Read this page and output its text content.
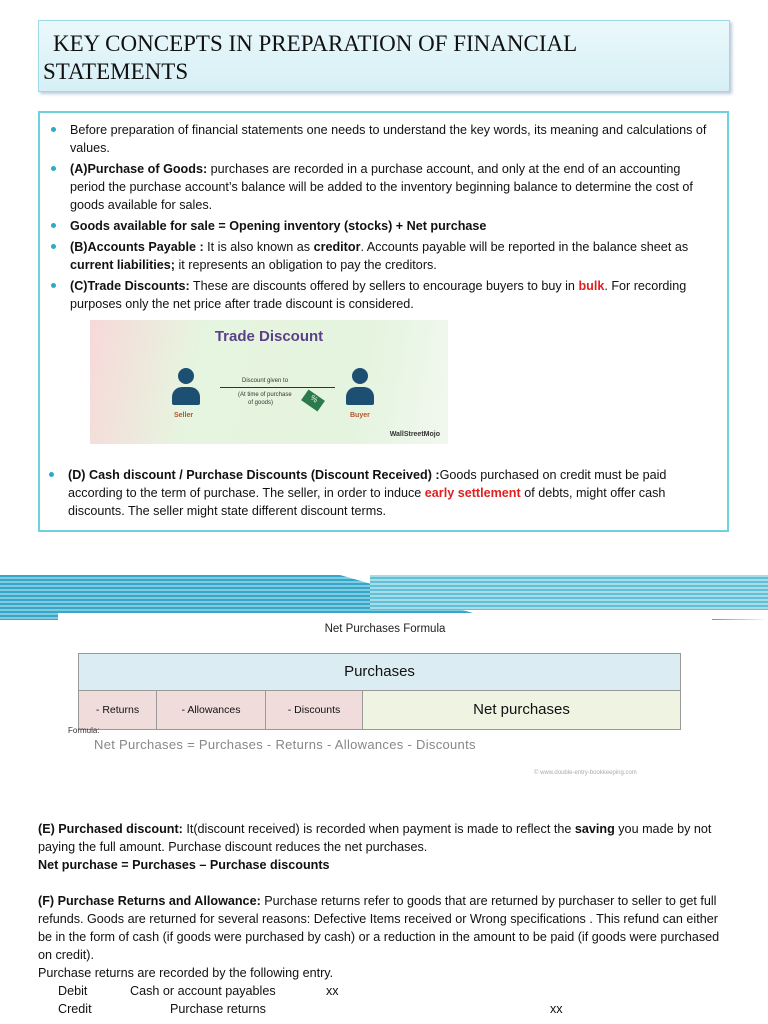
KEY CONCEPTS IN PREPARATION OF FINANCIAL STATEMENTS
Before preparation of financial statements one needs to understand the key words, its meaning and calculations of values.
(A)Purchase of Goods: purchases are recorded in a purchase account, and only at the end of an accounting period the purchase account’s balance will be added to the inventory beginning balance to determine the cost of goods available for sales.
Goods available for sale = Opening inventory (stocks) + Net purchase
(B)Accounts Payable : It is also known as creditor. Accounts payable will be reported in the balance sheet as current liabilities; it represents an obligation to pay the creditors.
(C)Trade Discounts: These are discounts offered by sellers to encourage buyers to buy in bulk. For recording purposes only the net price after trade discount is considered.
Trade Discount
Seller	Buyer
Discount given to
(At time of purchase
of goods)	%
WallStreetMojo
(D) Cash discount / Purchase Discounts (Discount Received) :Goods purchased on credit must be paid according to the term of purchase. The seller, in order to induce early settlement of debts, might offer cash discounts. The seller might state different discount terms.
Net Purchases Formula
Purchases
- Returns	- Allowances	- Discounts	Net purchases
Formula:
Net Purchases = Purchases - Returns - Allowances - Discounts
© www.double-entry-bookkeeping.com

(E) Purchased discount: It(discount received) is recorded when payment is made to reflect the saving you made by not paying the full amount. Purchase discount reduces the net purchases.

Net purchase = Purchases – Purchase discounts

(F) Purchase Returns and Allowance: Purchase returns refer to goods that are returned by purchaser to seller to get full refunds. Goods are returned for several reasons: Defective Items received or Wrong specifications . This refund can either be in the form of cash (if goods were purchased by cash) or a reduction in the amount to be paid (if goods were purchased on credit).

Purchase returns are recorded by the following entry.

Debit	Cash or account payables	xx

Credit	Purchase returns	xx
